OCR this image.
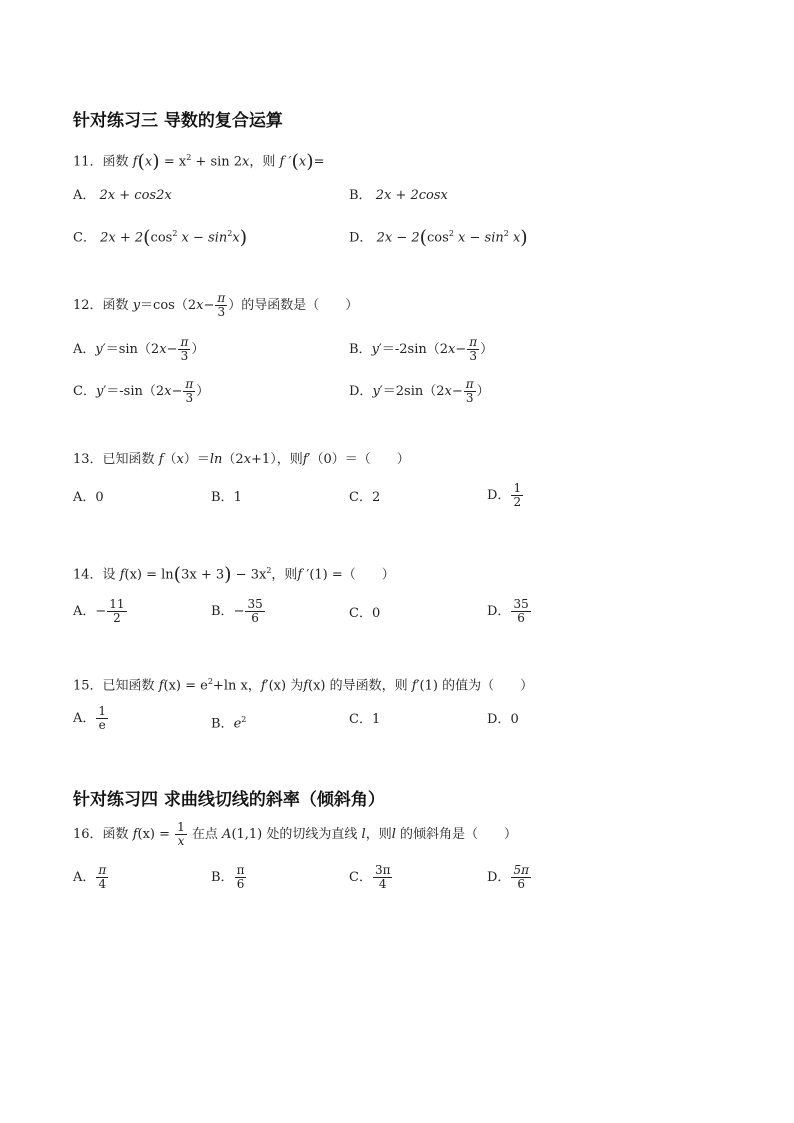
针对练习三 导数的复合运算
11．函数 $f(x) = x^2 + \sin 2x$，则 f ′(x)=
A． 2x + cos2x	B． 2x + 2cosx
C． $2x + 2(\cos^2$ $x - \sin^2x$)	D． $2x - 2(\cos^2$ $x - \sin^2 x$)
12．函数 $y=\cos(2x- \frac{\pi}{3}$ ）的导函数是（　　）
A．$y'=\sin(2x- \frac{\pi}{3}$ ）	B．$y'=-2\sin(2x- \frac{\pi}{3}$ ）
C．$y'=-\sin(2x- \frac{\pi}{3}$ ）	D．$y'=2\sin(2x- \frac{\pi}{3}$ ）
13．已知函数 f（x）＝ln（2x+1），则f′（0）＝（　　）
A．0	B．1	C．2	D． $\frac{1}{2}$
14．设 $f(x) = \ln(3x + 3) - 3x^2$，则f ′(1) =（　　）
A．− $\frac{11}{2}$	B．− $\frac{35}{6}$	C．0	D． $\frac{35}{6}$
15．已知函数 $f(x) = e^2+\ln$ x，f′(x) 为f(x) 的导函数，则 f′(1) 的值为（　　）
A． $\frac{1}{e}$	B．$e^2$	C．1	D．0
针对练习四 求曲线切线的斜率（倾斜角）
16．函数 $f(x) = \frac{1}{x}$ 在点 A(1,1) 处的切线为直线 l，则l 的倾斜角是（　　）
A． $\frac{\pi}{4}$	B． $\frac{\pi}{6}$	C． $\frac{3\pi}{4}$	D． $\frac{5\pi}{6}$
